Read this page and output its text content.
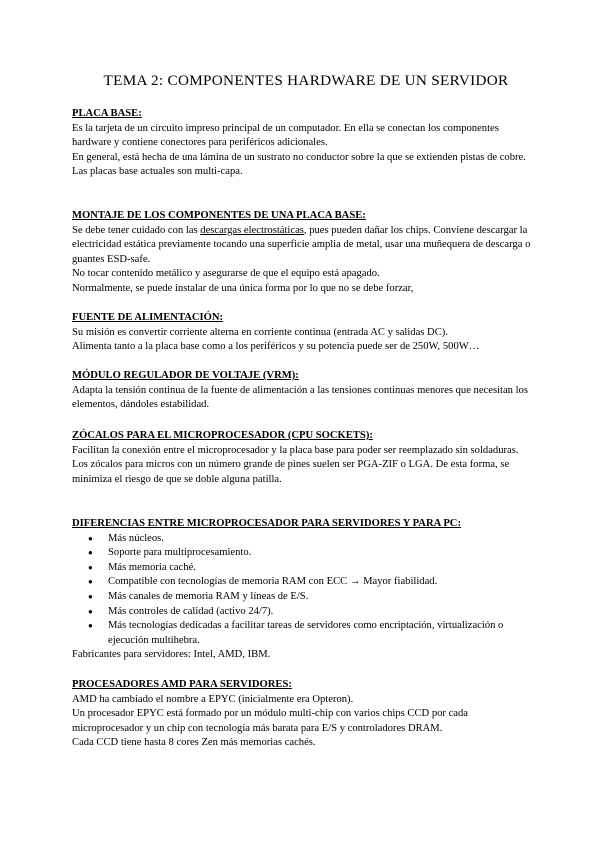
TEMA 2: COMPONENTES HARDWARE DE UN SERVIDOR

PLACA BASE:

Es la tarjeta de un circuito impreso principal de un computador. En ella se conectan los componentes hardware y contiene conectores para periféricos adicionales.

En general, está hecha de una lámina de un sustrato no conductor sobre la que se extienden pistas de cobre.

Las placas base actuales son multi-capa.

MONTAJE DE LOS COMPONENTES DE UNA PLACA BASE:

Se debe tener cuidado con las descargas electrostáticas, pues pueden dañar los chips. Conviene descargar la electricidad estática previamente tocando una superficie amplia de metal, usar una muñequera de descarga o guantes ESD-safe.

No tocar contenido metálico y asegurarse de que el equipo está apagado.

Normalmente, se puede instalar de una única forma por lo que no se debe forzar,

FUENTE DE ALIMENTACIÓN:

Su misión es convertir corriente alterna en corriente continua (entrada AC y salidas DC).

Alimenta tanto a la placa base como a los periféricos y su potencia puede ser de 250W, 500W…

MÓDULO REGULADOR DE VOLTAJE (VRM):

Adapta la tensión continua de la fuente de alimentación a las tensiones continuas menores que necesitan los elementos, dándoles estabilidad.

ZÓCALOS PARA EL MICROPROCESADOR (CPU SOCKETS):

Facilitan la conexión entre el microprocesador y la placa base para poder ser reemplazado sin soldaduras.

Los zócalos para micros con un número grande de pines suelen ser PGA-ZIF o LGA. De esta forma, se minimiza el riesgo de que se doble alguna patilla.

DIFERENCIAS ENTRE MICROPROCESADOR PARA SERVIDORES Y PARA PC:

● Más núcleos.
● Soporte para multiprocesamiento.
● Más memoria caché.
● Compatible con tecnologías de memoria RAM con ECC → Mayor fiabilidad.
● Más canales de memoria RAM y líneas de E/S.
● Más controles de calidad (activo 24/7).
● Más tecnologías dedicadas a facilitar tareas de servidores como encriptación, virtualización o ejecución multihebra.

Fabricantes para servidores: Intel, AMD, IBM.

PROCESADORES AMD PARA SERVIDORES:

AMD ha cambiado el nombre a EPYC (inicialmente era Opteron).

Un procesador EPYC está formado por un módulo multi-chip con varios chips CCD por cada microprocesador y un chip con tecnología más barata para E/S y controladores DRAM.

Cada CCD tiene hasta 8 cores Zen más memorias cachés.
